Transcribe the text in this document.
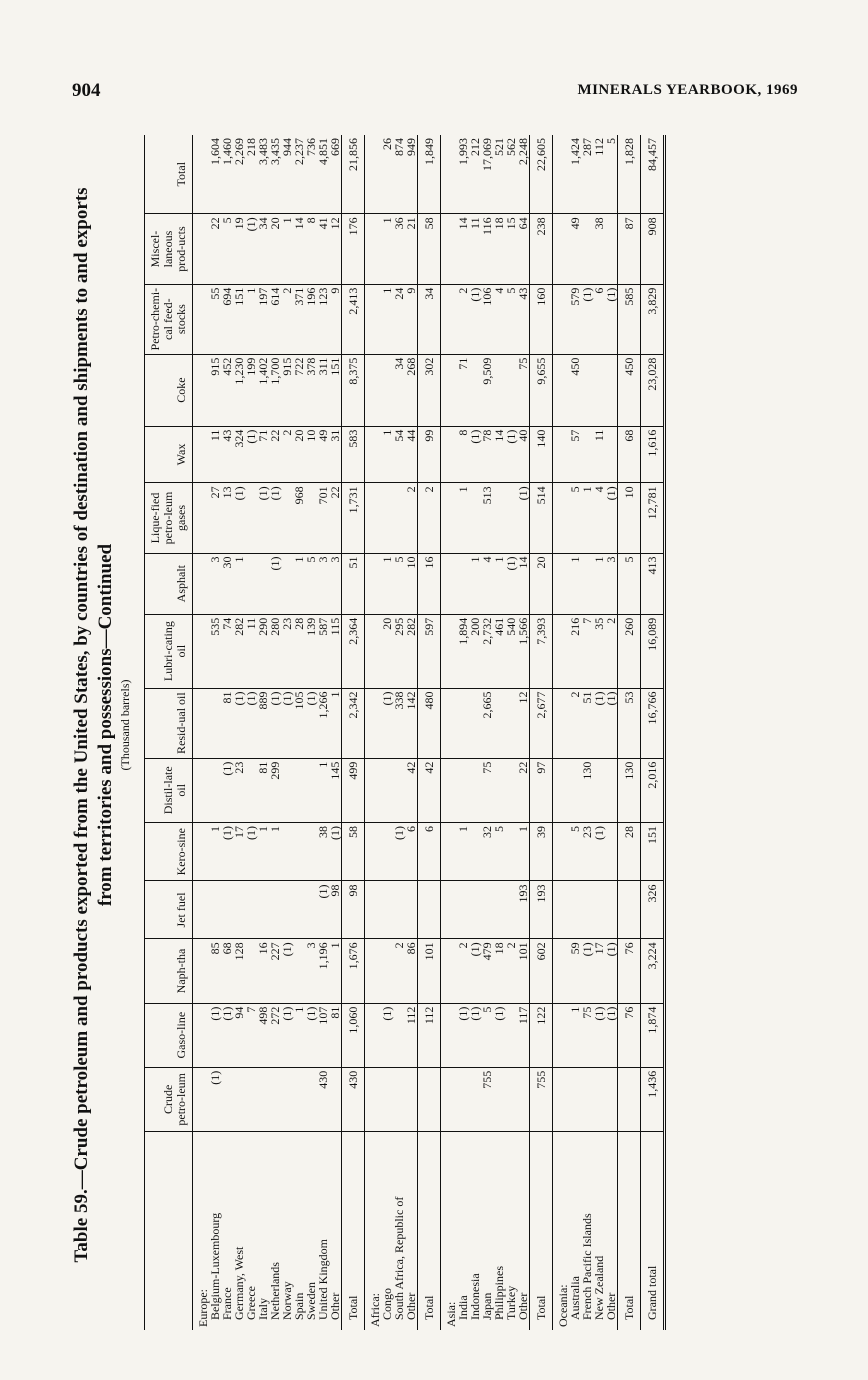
904	MINERALS YEARBOOK, 1969
Table 59.—Crude petroleum and products exported from the United States, by countries of destination and shipments to and exports from territories and possessions—Continued (Thousand barrels)
	Crude petro-leum	Gaso-line	Naph-tha	Jet fuel	Kero-sine	Distil-late oil	Resid-ual oil	Lubri-cating oil	Asphalt	Lique-fied petro-leum gases	Wax	Coke	Petro-chemi-cal feed-stocks	Miscel-laneous prod-ucts	Total
Europe:															
Belgium-Luxembourg	(1)	(1)	85		1			535	3	27	11	915	55	22	1,604
France		(1)	68		(1)	(1)	81	74	30	13	43	452	694	5	1,460
Germany, West		94	128		17	23	(1)	282	1	(1)	324	1,230	151	19	2,269
Greece		7			(1)		(1)	11			(1)	199	1	(1)	218
Italy		498	16		1	81	889	290		(1)	71	1,402	197	34	3,483
Netherlands		272	227		1	299	(1)	280	(1)	(1)	22	1,700	614	20	3,435
Norway		(1)	(1)				(1)	23			2	915	2	1	944
Spain		1					105	28	1	968	20	722	371	14	2,237
Sweden		(1)	3				(1)	139	5		10	378	196	8	736
United Kingdom	430	107	1,196	(1)	38	1	1,266	587	3	701	49	311	123	41	4,851
Other		81	1	98	(1)	145	1	115	3	22	31	151	9	12	669
Total	430	1,060	1,676	98	58	499	2,342	2,364	51	1,731	583	8,375	2,413	176	21,856
Africa:															
Congo		(1)					(1)	20	1		1		1	1	26
South Africa, Republic of			2		(1)		338	295	5		54	34	24	36	874
Other		112	86		6	42	142	282	10	2	44	268	9	21	949
Total		112	101		6	42	480	597	16	2	99	302	34	58	1,849
Asia:															
India		(1)	2		1			1,894		1	8	71	2	14	1,993
Indonesia		(1)	(1)					200	1		(1)		(1)	11	212
Japan	755	5	479		32	75	2,665	2,732	4	513	78	9,509	106	116	17,069
Philippines		(1)	18		5			461	1		14		4	18	521
Turkey			2					540	(1)		(1)		5	15	562
Other		117	101	193	1	22	12	1,566	14	(1)	40	75	43	64	2,248
Total	755	122	602	193	39	97	2,677	7,393	20	514	140	9,655	160	238	22,605
Oceania:															
Australia		1	59		5		2	216	1	5	57	450	579	49	1,424
French Pacific Islands		75	(1)		23	130	51	7		1			(1)		287
New Zealand		(1)	17		(1)		(1)	35	1	4	11		6	38	112
Other		(1)	(1)				(1)	2	3	(1)			(1)		5
Total		76	76		28	130	53	260	5	10	68	450	585	87	1,828
Grand total	1,436	1,874	3,224	326	151	2,016	16,766	16,089	413	12,781	1,616	23,028	3,829	908	84,457
